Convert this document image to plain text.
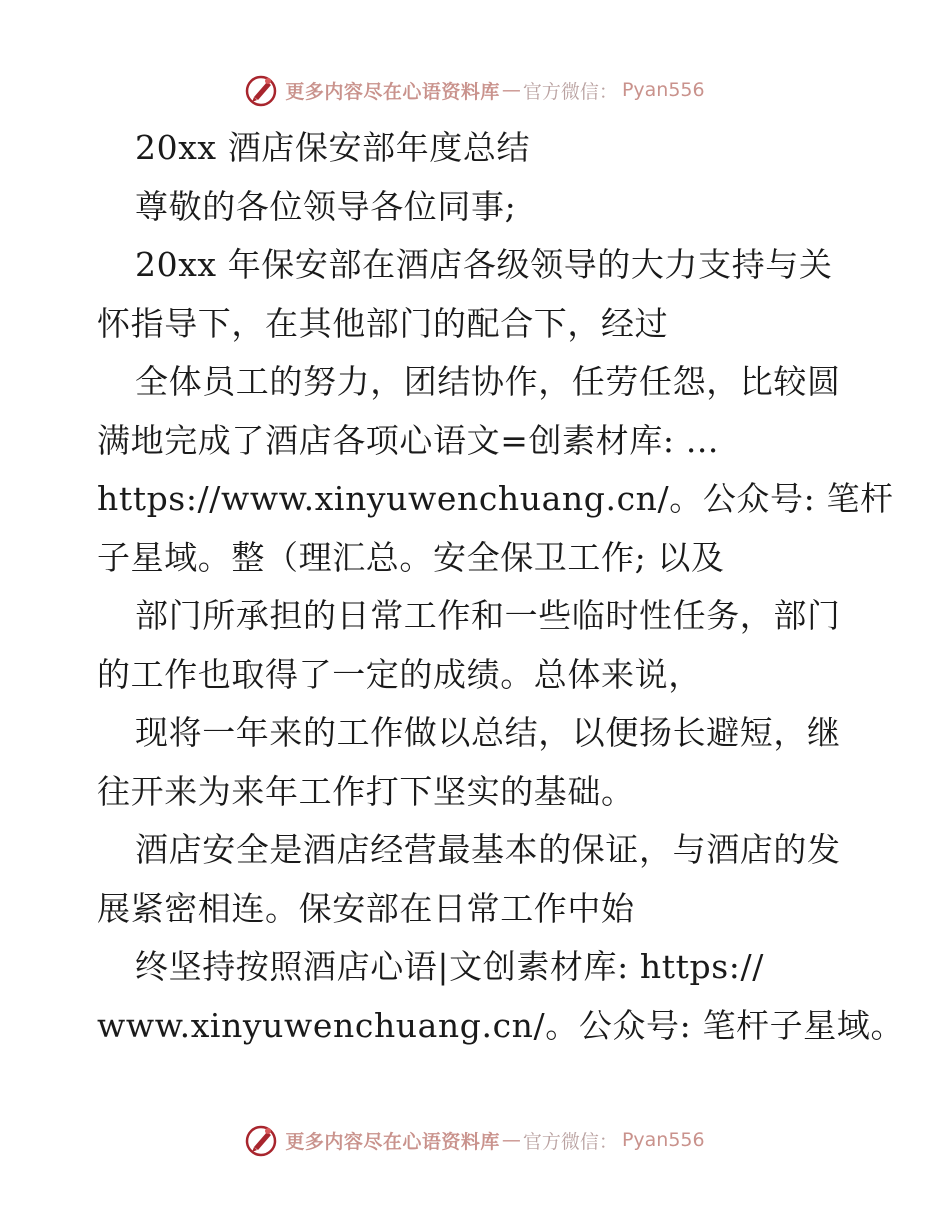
更多内容尽在心语资料库 — 官方微信： Pyan556
20xx 酒店保安部年度总结
尊敬的各位领导各位同事;
20xx 年保安部在酒店各级领导的大力支持与关
怀指导下，在其他部门的配合下，经过
全体员工的努力，团结协作，任劳任怨，比较圆
满地完成了酒店各项心语文=创素材库: …
https://www.xinyuwenchuang.cn/。公众号: 笔杆
子星域。整（理汇总。安全保卫工作; 以及
部门所承担的日常工作和一些临时性任务，部门
的工作也取得了一定的成绩。总体来说，
现将一年来的工作做以总结，以便扬长避短，继
往开来为来年工作打下坚实的基础。
酒店安全是酒店经营最基本的保证，与酒店的发
展紧密相连。保安部在日常工作中始
终坚持按照酒店心语|文创素材库: https://
www.xinyuwenchuang.cn/。公众号: 笔杆子星域。
更多内容尽在心语资料库 — 官方微信： Pyan556
